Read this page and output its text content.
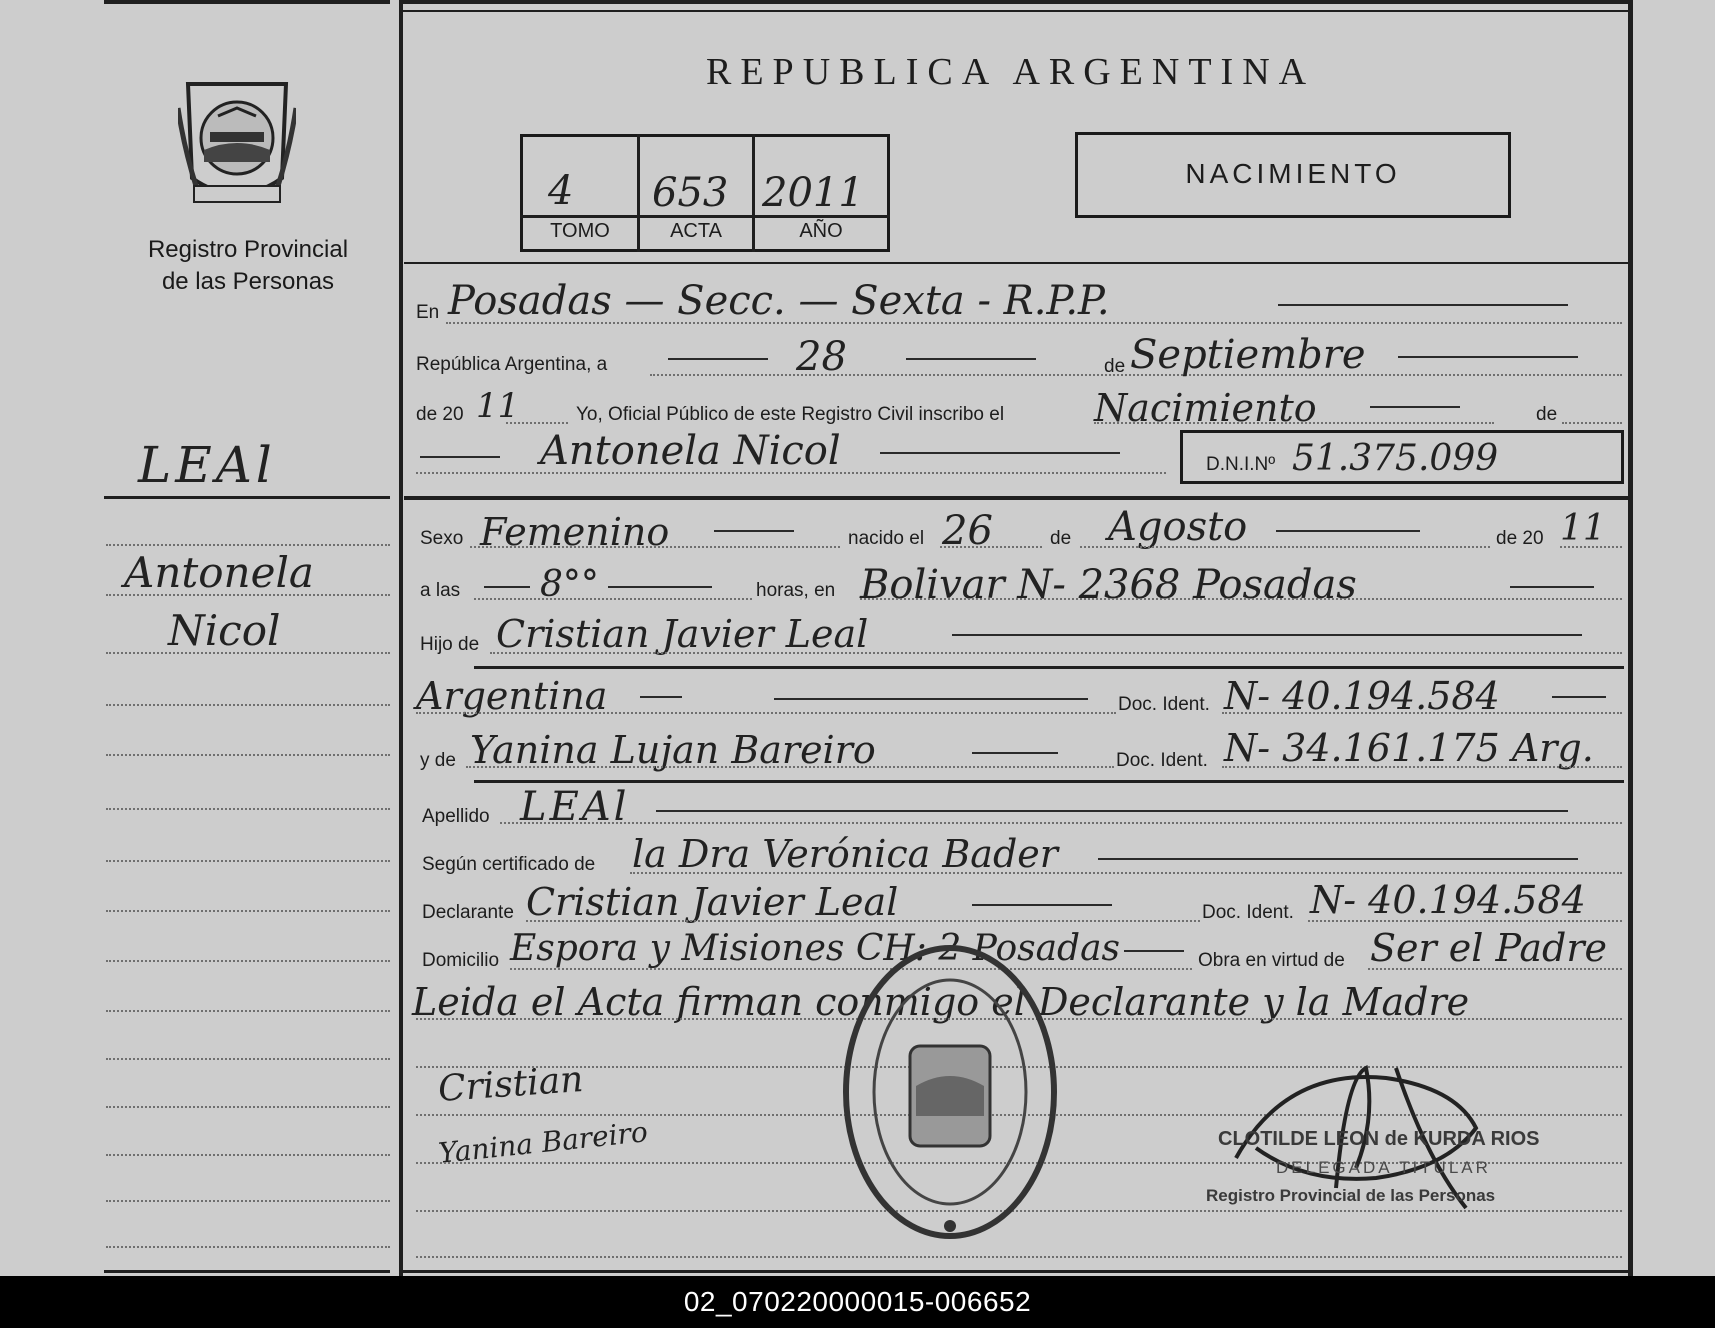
Registro Provincial
de las Personas
LEAl
Antonela
Nicol
Cristian
Yanina Bareiro
REPUBLICA ARGENTINA
4 653 2011
TOMO	ACTA	AÑO
NACIMIENTO
En Posadas — Secc. — Sexta - R.P.P.
República Argentina, a	28	de Septiembre
de 20 11	Yo, Oficial Público de este Registro Civil inscribo el Nacimiento	de
Antonela Nicol	D.N.I.Nº 51.375.099
Sexo Femenino	nacido el 26	de Agosto	de 20 11
a las 8°°	horas, en Bolivar N- 2368 Posadas
Hijo de Cristian Javier Leal
Argentina	Doc. Ident. N- 40.194.584
y de Yanina Lujan Bareiro	Doc. Ident. N- 34.161.175 Arg.
Apellido LEAl
Según certificado de la Dra Verónica Bader
Declarante Cristian Javier Leal	Doc. Ident. N- 40.194.584
Domicilio Espora y Misiones CH: 2 Posadas	Obra en virtud de Ser el Padre
Leida el Acta firman conmigo el Declarante y la Madre
CLOTILDE LEON de KURDA RIOS
DELEGADA TITULAR
Registro Provincial de las Personas
02_070220000015-006652
